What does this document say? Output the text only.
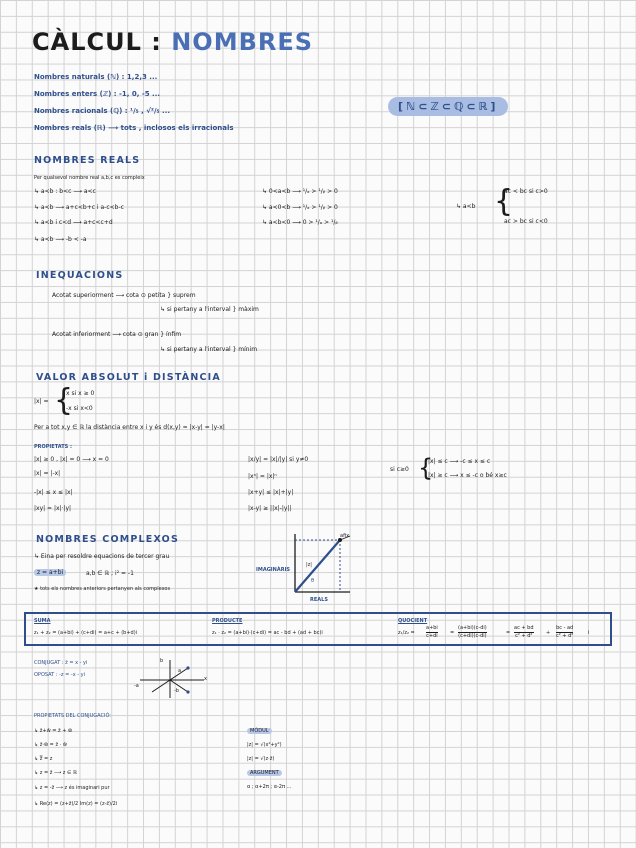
CÀLCUL : NOMBRES
Nombres naturals (ℕ) : 1,2,3 ...
Nombres enters (ℤ) : -1, 0, -5 ...
Nombres racionals (ℚ) : ¹/₅ , √²/₅ ...
Nombres reals (ℝ) ⟶ tots , inclosos els irracionals
[ℕ⊂ℤ⊂ℚ⊂ℝ]
NOMBRES REALS
Per qualsevol nombre real a,b,c es compleix
↳ a<b : b<c ⟶ a<c
↳ a<b ⟶ a+c<b+c i a-c<b-c
↳ a<b i c<d ⟶ a+c<c+d
↳ a<b ⟶ -b < -a
↳ 0<a<b ⟶ ¹/ₐ > ¹/ᵦ > 0
↳ a<0<b ⟶ ¹/ₐ > ¹/ᵦ > 0
↳ a<b<0 ⟶ 0 > ¹/ₐ > ¹/ᵦ
↳ a<b {
ac < bc si c>0
ac > bc si c<0
INEQUACIONS
Acotat superiorment ⟶ cota ⊙ petita } suprem
↳ si pertany a l'interval } màxim
Acotat inferiorment ⟶ cota ⊙ gran } ínfim
↳ si pertany a l'interval } mínim
VALOR ABSOLUT i DISTÀNCIA
|x| = {
x si x ≥ 0
-x si x<0
Per a tot x,y ∈ ℝ la distància entre x i y és d(x,y) = |x-y| = |y-x|
PROPIETATS :
|x| ≥ 0 , |x| = 0 ⟶ x = 0
|x| = |-x|
-|x| ≤ x ≤ |x|
|xy| = |x|·|y|
|x/y| = |x|/|y| si y≠0
|xⁿ| = |x|ⁿ
|x+y| ≤ |x|+|y|
|x-y| ≥ ||x|-|y||
si c≥0 {
|x| ≤ c ⟶ -c ≤ x ≤ c
|x| ≥ c ⟶ x ≤ -c o bé x≥c
NOMBRES COMPLEXOS
↳ Eina per resoldre equacions de tercer grau
z = a+bi	a,b ∈ ℝ ; i² = -1
★ tots els nombres anteriors pertanyen als complexos
IMAGINÀRIS
REALS
afix
|z|
θ
SUMA
z₁ + z₂ = (a+bi) + (c+di) = a+c + (b+d)i
PRODUCTE
z₁ · z₂ = (a+bi)·(c+di) = ac - bd + (ad + bc)i
QUOCIENT
$z_1/z_2 = \frac{a+bi}{c+di} = \frac{(a+bi)(c-di)}{(c+di)(c-di)}$	= $\frac{ac + bd}{\text{c² + d²}} + \frac{bc - ad}{\text{c² + d²}}$	i
CONJUGAT : z̄ = x - yi
OPOSAT : -z = -x - yi
b
x
a
-a
-b
PROPIETATS DEL CONJUGACIÓ:
↳ z̄+w̄ = z̄ + w̄
↳ z̄·w̄ = z̄ · w̄
↳ z̿ = z
↳ z = z̄ ⟶ z ∈ ℝ
↳ z = -z̄ ⟶ z és imaginari pur
↳ Re(z) = (z+z̄)/2 Im(z) = (z-z̄)/2i
MÒDUL
|z| = √(x²+y²)
|z| = √(z·z̄)
ARGUMENT
α ; α+2π ; α-2π ...
